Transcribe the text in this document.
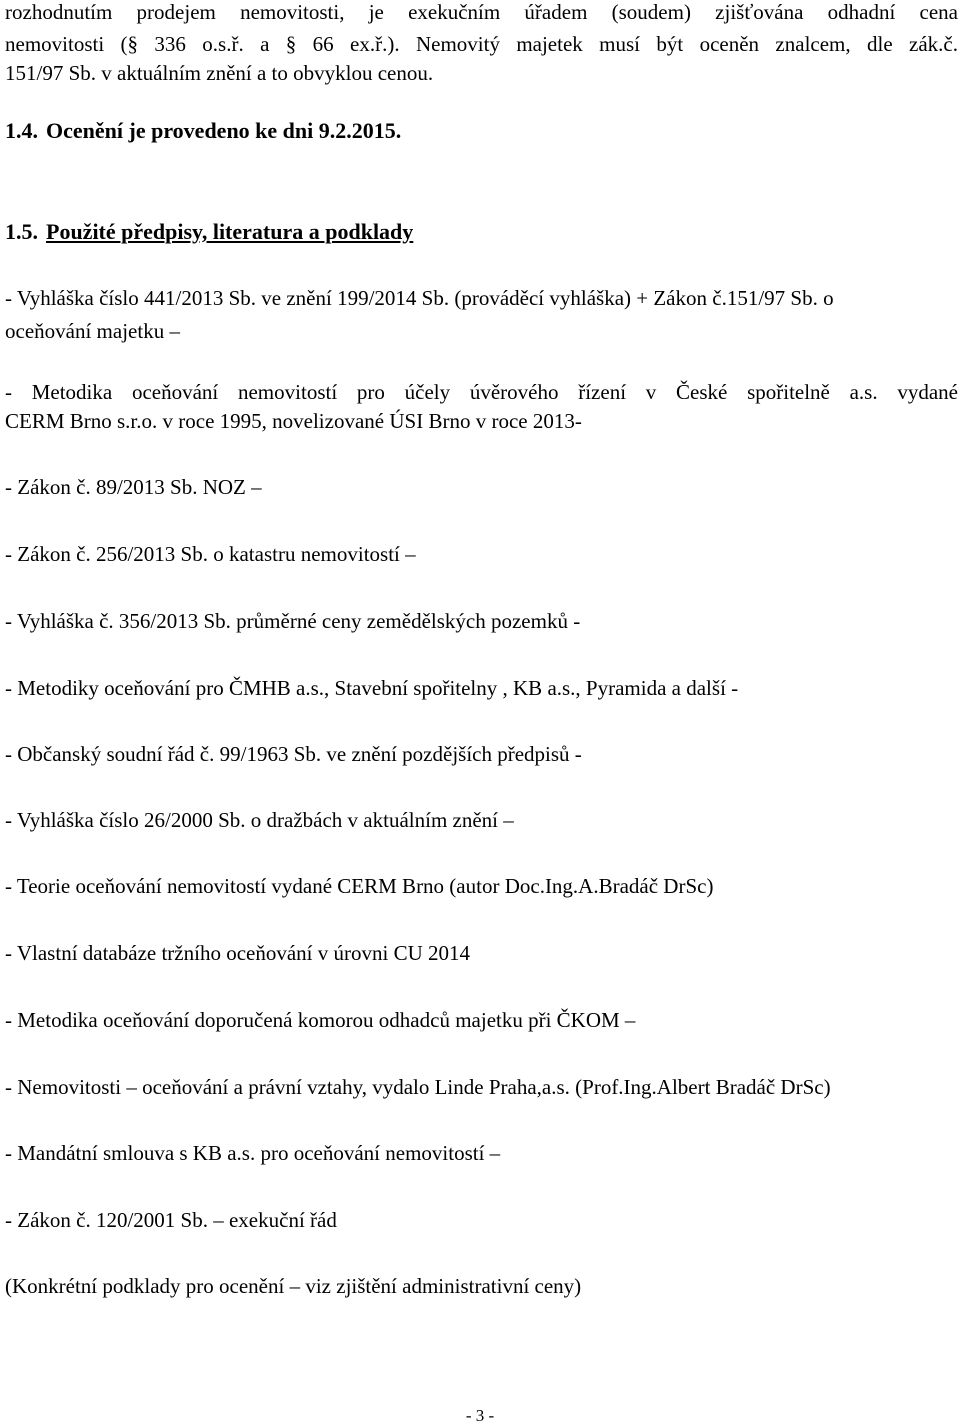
rozhodnutím prodejem nemovitosti, je exekučním úřadem (soudem) zjišťována odhadní cena

nemovitosti (§ 336 o.s.ř. a § 66 ex.ř.). Nemovitý majetek musí být oceněn znalcem, dle zák.č.

151/97 Sb. v aktuálním znění a to obvyklou cenou.

1.4. Ocenění je provedeno ke dni 9.2.2015.

1.5. Použité předpisy, literatura a podklady

- Vyhláška číslo 441/2013 Sb. ve znění 199/2014 Sb. (prováděcí vyhláška) + Zákon č.151/97 Sb. o

oceňování majetku –

- Metodika oceňování nemovitostí pro účely úvěrového řízení v České spořitelně a.s. vydané

CERM Brno s.r.o. v roce 1995, novelizované ÚSI Brno v roce 2013-

- Zákon č. 89/2013 Sb. NOZ –

- Zákon č. 256/2013 Sb. o katastru nemovitostí –

- Vyhláška č. 356/2013 Sb. průměrné ceny zemědělských pozemků -

- Metodiky oceňování pro ČMHB a.s., Stavební spořitelny , KB a.s., Pyramida a další -

- Občanský soudní řád č. 99/1963 Sb. ve znění pozdějších předpisů -

- Vyhláška číslo 26/2000 Sb. o dražbách v aktuálním znění –

- Teorie oceňování nemovitostí vydané CERM Brno (autor Doc.Ing.A.Bradáč DrSc)

- Vlastní databáze tržního oceňování v úrovni CU 2014

- Metodika oceňování doporučená komorou odhadců majetku při ČKOM –

- Nemovitosti – oceňování a právní vztahy, vydalo Linde Praha,a.s. (Prof.Ing.Albert Bradáč DrSc)

- Mandátní smlouva s KB a.s. pro oceňování nemovitostí –

- Zákon č. 120/2001 Sb. – exekuční řád

(Konkrétní podklady pro ocenění – viz zjištění administrativní ceny)

- 3 -
